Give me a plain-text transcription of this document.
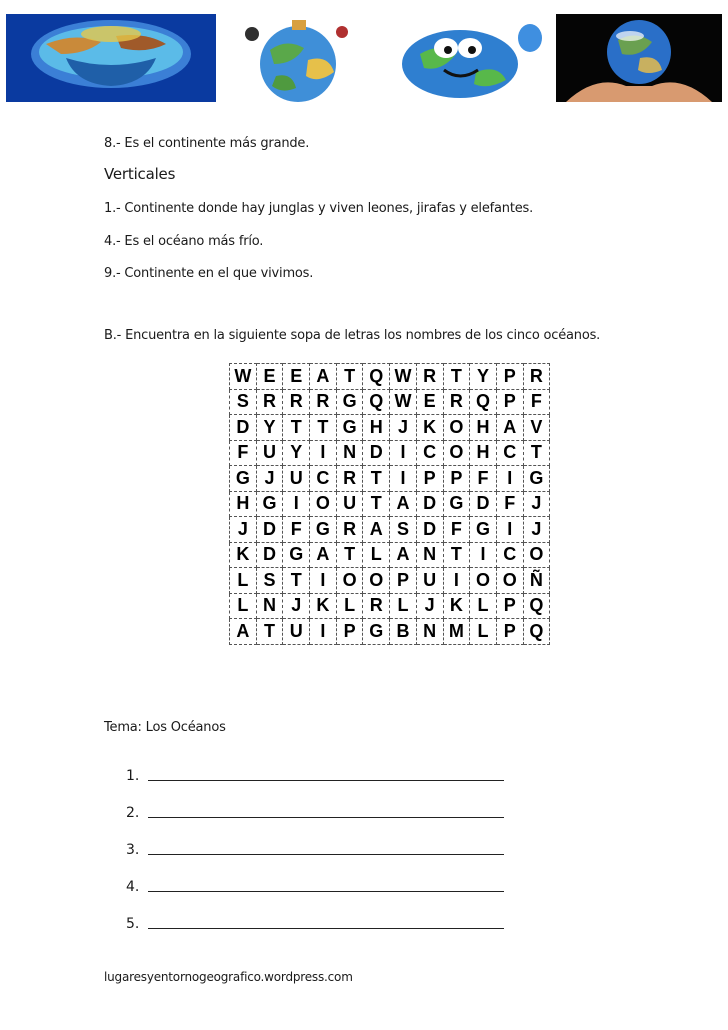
8.- Es el continente más grande.
Verticales
1.- Continente donde hay junglas y viven leones, jirafas y elefantes.
4.- Es el océano más frío.
9.- Continente en el que vivimos.
B.- Encuentra en la siguiente sopa de letras los nombres de los cinco océanos.
W	E	E	A	T	Q	W	R	T	Y	P	R
S	R	R	R	G	Q	W	E	R	Q	P	F
D	Y	T	T	G	H	J	K	O	H	A	V
F	U	Y	I	N	D	I	C	O	H	C	T
G	J	U	C	R	T	I	P	P	F	I	G
H	G	I	O	U	T	A	D	G	D	F	J
J	D	F	G	R	A	S	D	F	G	I	J
K	D	G	A	T	L	A	N	T	I	C	O
L	S	T	I	O	O	P	U	I	O	O	Ñ
L	N	J	K	L	R	L	J	K	L	P	Q
A	T	U	I	P	G	B	N	M	L	P	Q
Tema: Los Océanos
1.
2.
3.
4.
5.
lugaresyentornogeografico.wordpress.com
